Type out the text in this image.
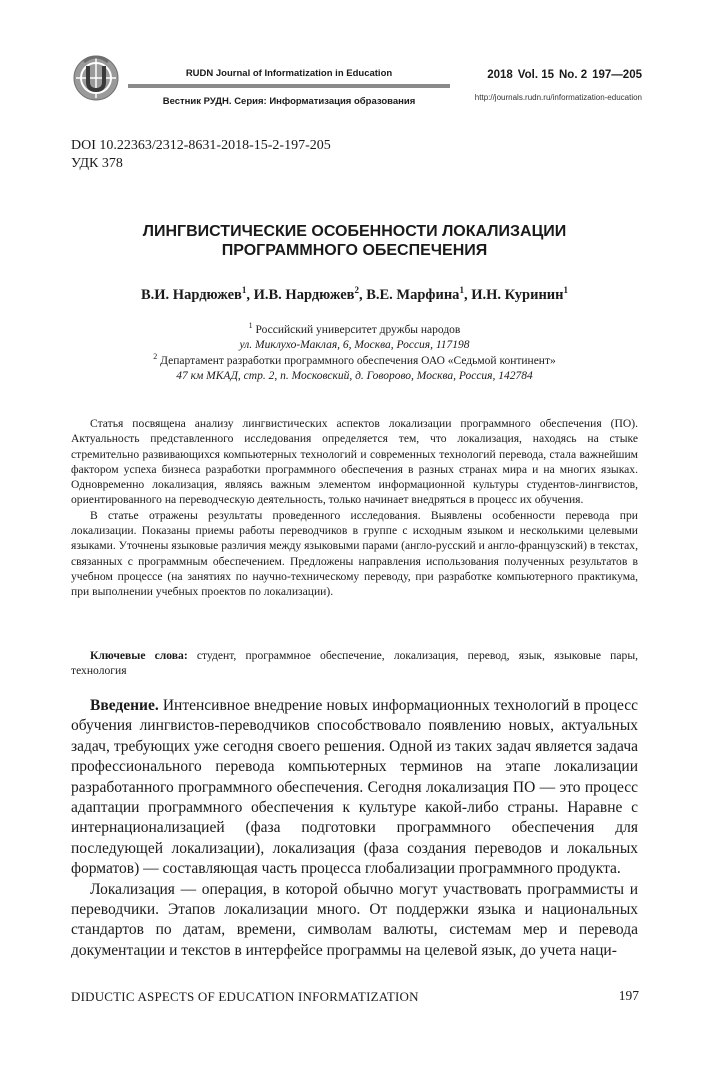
RUDN Journal of Informatization in Education
Вестник РУДН. Серия: Информатизация образования
2018 Vol. 15 No. 2 197—205
http://journals.rudn.ru/informatization-education
DOI 10.22363/2312-8631-2018-15-2-197-205
УДК 378
ЛИНГВИСТИЧЕСКИЕ ОСОБЕННОСТИ ЛОКАЛИЗАЦИИ
ПРОГРАММНОГО ОБЕСПЕЧЕНИЯ
В.И. Нардюжев$^1$, И.В. Нардюжев$^2$, В.Е. Марфина$^1$, И.Н. Куринин$^1$
$^1$ Российский университет дружбы народов
ул. Миклухо-Маклая, 6, Москва, Россия, 117198
$^2$ Департамент разработки программного обеспечения ОАО «Седьмой континент»
47 км МКАД, стр. 2, п. Московский, д. Говорово, Москва, Россия, 142784

Статья посвящена анализу лингвистических аспектов локализации программного обеспечения (ПО). Актуальность представленного исследования определяется тем, что локализация, находясь на стыке стремительно развивающихся компьютерных технологий и современных технологий перевода, стала важнейшим фактором успеха бизнеса разработки программного обеспечения в разных странах мира и на многих языках. Одновременно локализация, являясь важным элементом информационной культуры студентов-лингвистов, ориентированного на переводческую деятельность, только начинает внедряться в процесс их обучения.

В статье отражены результаты проведенного исследования. Выявлены особенности перевода при локализации. Показаны приемы работы переводчиков в группе с исходным языком и несколькими целевыми языками. Уточнены языковые различия между языковыми парами (англо-русский и англо-французский) в текстах, связанных с программным обеспечением. Предложены направления использования полученных результатов в учебном процессе (на занятиях по научно-техническому переводу, при разработке компьютерного практикума, при выполнении учебных проектов по локализации).

Ключевые слова: студент, программное обеспечение, локализация, перевод, язык, языковые пары, технология

Введение. Интенсивное внедрение новых информационных технологий в процесс обучения лингвистов-переводчиков способствовало появлению новых, актуальных задач, требующих уже сегодня своего решения. Одной из таких задач является задача профессионального перевода компьютерных терминов на этапе локализации разработанного программного обеспечения. Сегодня локализация ПО — это процесс адаптации программного обеспечения к культуре какой-либо страны. Наравне с интернационализацией (фаза подготовки программного обеспечения для последующей локализации), локализация (фаза создания переводов и локальных форматов) — составляющая часть процесса глобализации программного продукта.

Локализация — операция, в которой обычно могут участвовать программисты и переводчики. Этапов локализации много. От поддержки языка и национальных стандартов по датам, времени, символам валюты, системам мер и перевода документации и текстов в интерфейсе программы на целевой язык, до учета наци-

DIDUCTIC ASPECTS OF EDUCATION INFORMATIZATION	197
